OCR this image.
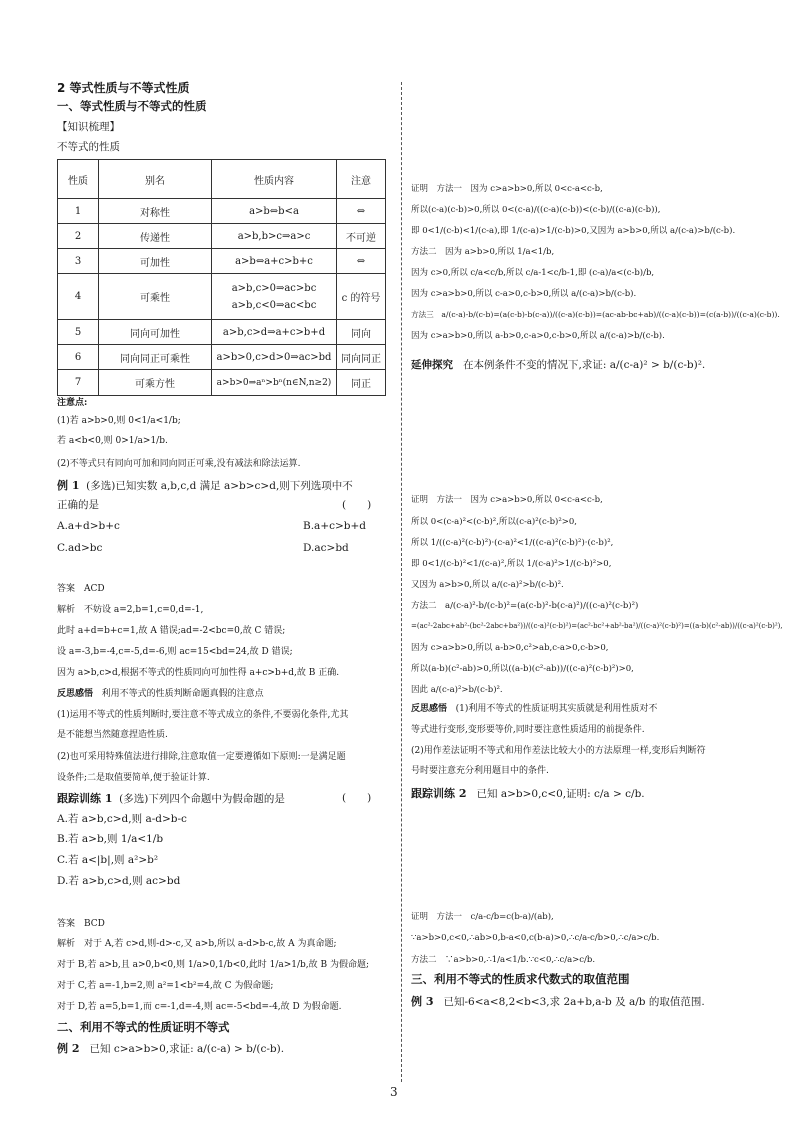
2 等式性质与不等式性质
一、等式性质与不等式的性质
【知识梳理】
不等式的性质
性质	别名	性质内容	注意
1	对称性	a>b⇔b<a	⇔
2	传递性	a>b,b>c⇒a>c	不可逆
3	可加性	a>b⇔a+c>b+c	⇔
4	可乘性	a>b,c>0⇒ac>bc
a>b,c<0⇒ac<bc	c 的符号
5	同向可加性	a>b,c>d⇒a+c>b+d	同向
6	同向同正可乘性	a>b>0,c>d>0⇒ac>bd	同向同正
7	可乘方性	a>b>0⇒aⁿ>bⁿ(n∈N,n≥2)	同正
注意点:
(1)若 a>b>0,则 0<1/a<1/b;
若 a<b<0,则 0>1/a>1/b.
(2)不等式只有同向可加和同向同正可乘,没有减法和除法运算.
例 1 (多选)已知实数 a,b,c,d 满足 a>b>c>d,则下列选项中不
正确的是	(　　)
A.a+d>b+c	B.a+c>b+d
C.ad>bc	D.ac>bd
答案　ACD
解析　不妨设 a=2,b=1,c=0,d=-1,
此时 a+d=b+c=1,故 A 错误;ad=-2<bc=0,故 C 错误;
设 a=-3,b=-4,c=-5,d=-6,则 ac=15<bd=24,故 D 错误;
因为 a>b,c>d,根据不等式的性质同向可加性得 a+c>b+d,故 B 正确.
反思感悟 利用不等式的性质判断命题真假的注意点
(1)运用不等式的性质判断时,要注意不等式成立的条件,不要弱化条件,尤其
是不能想当然随意捏造性质.
(2)也可采用特殊值法进行排除,注意取值一定要遵循如下原则:一是满足题
设条件;二是取值要简单,便于验证计算.
跟踪训练 1 (多选)下列四个命题中为假命题的是	(　　)
A.若 a>b,c>d,则 a-d>b-c
B.若 a>b,则 1/a<1/b
C.若 a<|b|,则 a²>b²
D.若 a>b,c>d,则 ac>bd
答案　BCD
解析　对于 A,若 c>d,则-d>-c,又 a>b,所以 a-d>b-c,故 A 为真命题;
对于 B,若 a>b,且 a>0,b<0,则 1/a>0,1/b<0,此时 1/a>1/b,故 B 为假命题;
对于 C,若 a=-1,b=2,则 a²=1<b²=4,故 C 为假命题;
对于 D,若 a=5,b=1,而 c=-1,d=-4,则 ac=-5<bd=-4,故 D 为假命题.
二、利用不等式的性质证明不等式
例 2 已知 c>a>b>0,求证: a/(c-a) > b/(c-b).
证明　方法一　因为 c>a>b>0,所以 0<c-a<c-b,
所以(c-a)(c-b)>0,所以 0<(c-a)/((c-a)(c-b))<(c-b)/((c-a)(c-b)),
即 0<1/(c-b)<1/(c-a),即 1/(c-a)>1/(c-b)>0,又因为 a>b>0,所以 a/(c-a)>b/(c-b).
方法二　因为 a>b>0,所以 1/a<1/b,
因为 c>0,所以 c/a<c/b,所以 c/a-1<c/b-1,即 (c-a)/a<(c-b)/b,
因为 c>a>b>0,所以 c-a>0,c-b>0,所以 a/(c-a)>b/(c-b).
方法三　a/(c-a)-b/(c-b)=(a(c-b)-b(c-a))/((c-a)(c-b))=(ac-ab-bc+ab)/((c-a)(c-b))=(c(a-b))/((c-a)(c-b)).
因为 c>a>b>0,所以 a-b>0,c-a>0,c-b>0,所以 a/(c-a)>b/(c-b).
延伸探究 在本例条件不变的情况下,求证: a/(c-a)² > b/(c-b)².
证明　方法一　因为 c>a>b>0,所以 0<c-a<c-b,
所以 0<(c-a)²<(c-b)²,所以(c-a)²(c-b)²>0,
所以 1/((c-a)²(c-b)²)·(c-a)²<1/((c-a)²(c-b)²)·(c-b)²,
即 0<1/(c-b)²<1/(c-a)²,所以 1/(c-a)²>1/(c-b)²>0,
又因为 a>b>0,所以 a/(c-a)²>b/(c-b)².
方法二　a/(c-a)²-b/(c-b)²=(a(c-b)²-b(c-a)²)/((c-a)²(c-b)²)
=(ac²-2abc+ab²-(bc²-2abc+ba²))/((c-a)²(c-b)²)=(ac²-bc²+ab²-ba²)/((c-a)²(c-b)²)=((a-b)(c²-ab))/((c-a)²(c-b)²),
因为 c>a>b>0,所以 a-b>0,c²>ab,c-a>0,c-b>0,
所以(a-b)(c²-ab)>0,所以((a-b)(c²-ab))/((c-a)²(c-b)²)>0,
因此 a/(c-a)²>b/(c-b)².
反思感悟 (1)利用不等式的性质证明其实质就是利用性质对不
等式进行变形,变形要等价,同时要注意性质适用的前提条件.
(2)用作差法证明不等式和用作差法比较大小的方法原理一样,变形后判断符
号时要注意充分利用题目中的条件.
跟踪训练 2 已知 a>b>0,c<0,证明: c/a > c/b.
证明　方法一　c/a-c/b=c(b-a)/(ab),
∵a>b>0,c<0,∴ab>0,b-a<0,c(b-a)>0,∴c/a-c/b>0,∴c/a>c/b.
方法二　∵a>b>0,∴1/a<1/b.∵c<0,∴c/a>c/b.
三、利用不等式的性质求代数式的取值范围
例 3 已知-6<a<8,2<b<3,求 2a+b,a-b 及 a/b 的取值范围.
3
